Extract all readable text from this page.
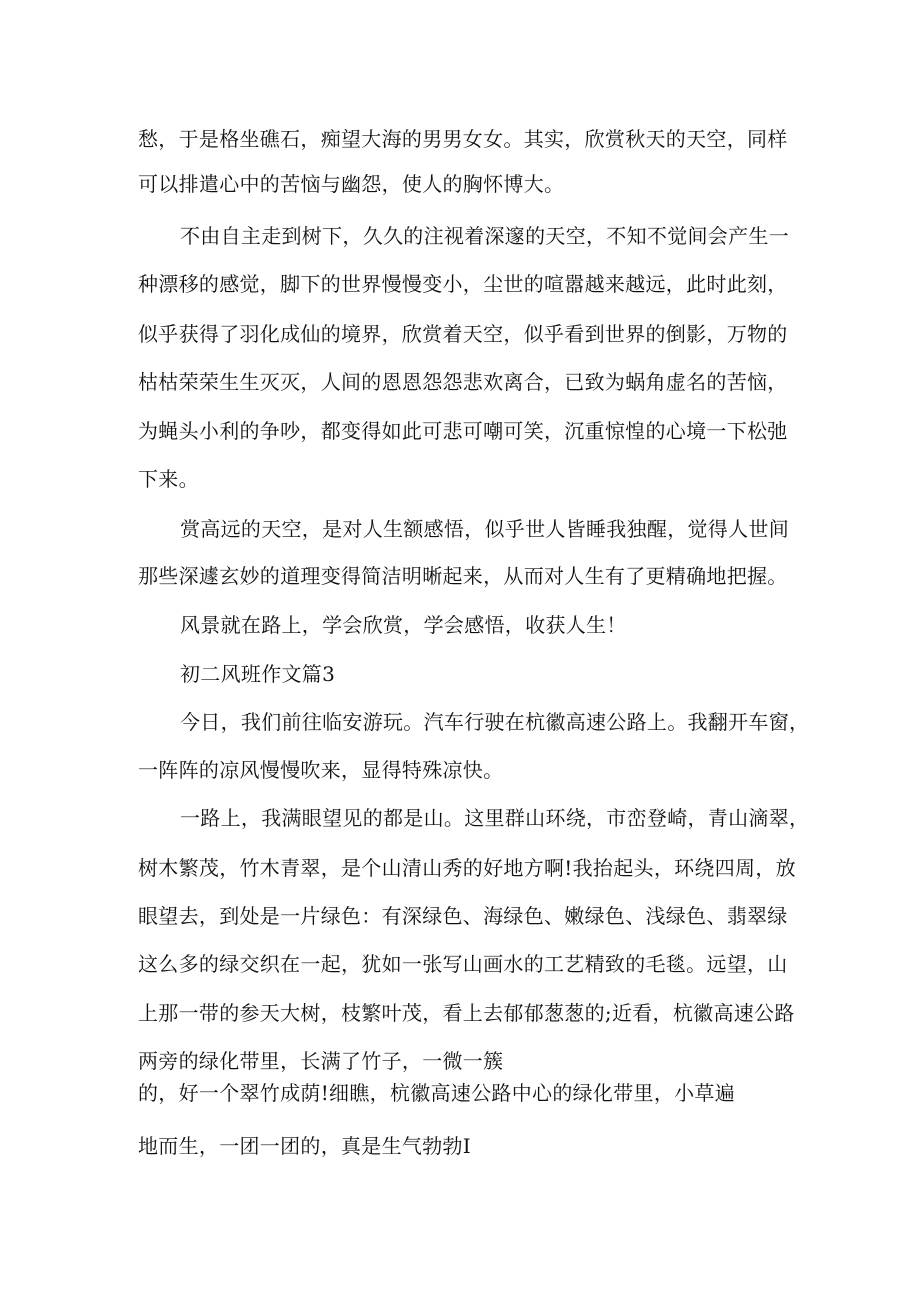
愁，于是格坐礁石，痴望大海的男男女女。其实，欣赏秋天的天空，同样
可以排遣心中的苦恼与幽怨，使人的胸怀博大。
不由自主走到树下，久久的注视着深邃的天空，不知不觉间会产生一
种漂移的感觉，脚下的世界慢慢变小，尘世的喧嚣越来越远，此时此刻，
似乎获得了羽化成仙的境界，欣赏着天空，似乎看到世界的倒影，万物的
枯枯荣荣生生灭灭，人间的恩恩怨怨悲欢离合，已致为蜗角虚名的苦恼，
为蝇头小利的争吵，都变得如此可悲可嘲可笑，沉重惊惶的心境一下松弛
下来。
赏高远的天空，是对人生额感悟，似乎世人皆睡我独醒，觉得人世间
那些深遽玄妙的道理变得简洁明晰起来，从而对人生有了更精确地把握。
风景就在路上，学会欣赏，学会感悟，收获人生！
初二风班作文篇3
今日，我们前往临安游玩。汽车行驶在杭徽高速公路上。我翻开车窗，
一阵阵的凉风慢慢吹来，显得特殊凉快。
一路上，我满眼望见的都是山。这里群山环绕，市峦登崎，青山滴翠，
树木繁茂，竹木青翠，是个山清山秀的好地方啊!我抬起头，环绕四周，放
眼望去，到处是一片绿色：有深绿色、海绿色、嫩绿色、浅绿色、翡翠绿
这么多的绿交织在一起，犹如一张写山画水的工艺精致的毛毯。远望，山
上那一带的参天大树，枝繁叶茂，看上去郁郁葱葱的;近看，杭徽高速公路
两旁的绿化带里，长满了竹子，一微一簇
的，好一个翠竹成荫!细瞧，杭徽高速公路中心的绿化带里，小草遍
地而生，一团一团的，真是生气勃勃I
